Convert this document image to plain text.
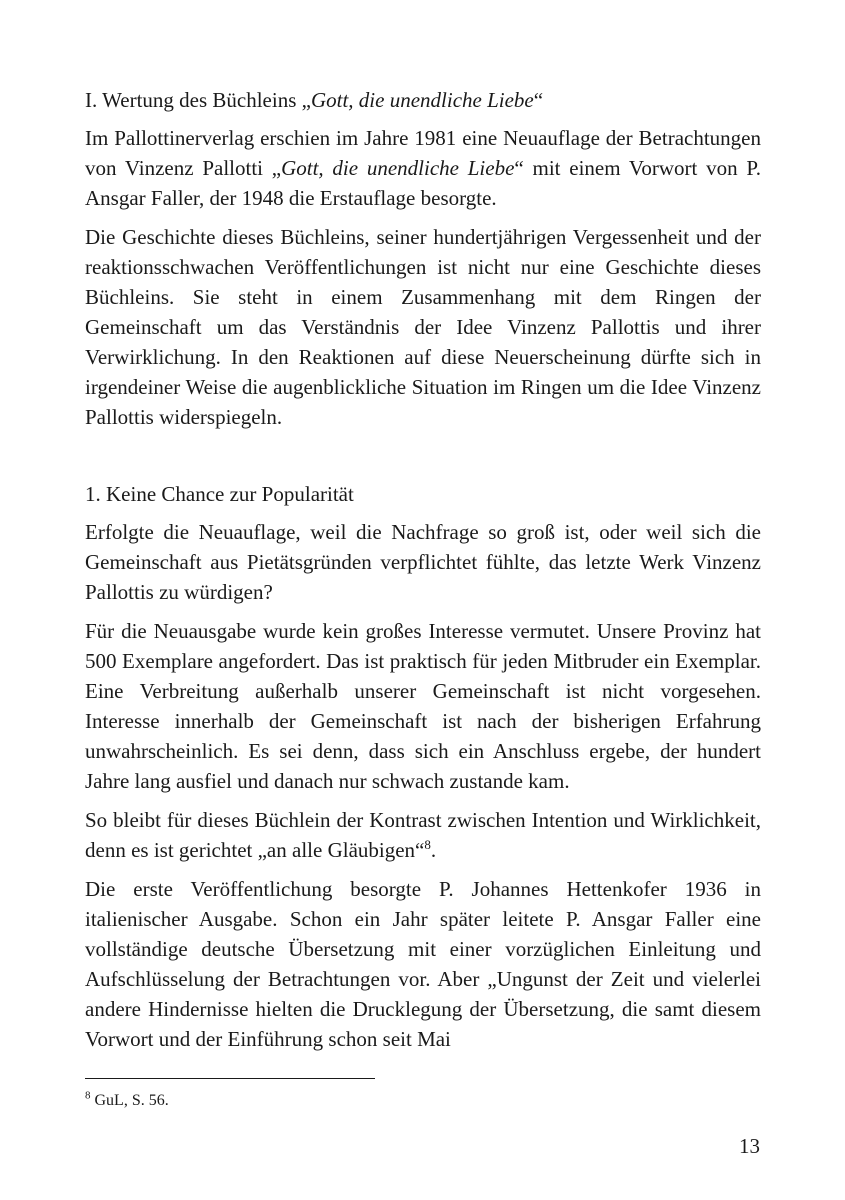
I. Wertung des Büchleins „Gott, die unendliche Liebe“

Im Pallottinerverlag erschien im Jahre 1981 eine Neuauflage der Betrachtungen von Vinzenz Pallotti „Gott, die unendliche Liebe“ mit einem Vorwort von P. Ansgar Faller, der 1948 die Erstauflage besorgte.

Die Geschichte dieses Büchleins, seiner hundertjährigen Vergessenheit und der reaktionsschwachen Veröffentlichungen ist nicht nur eine Geschichte dieses Büchleins. Sie steht in einem Zusammenhang mit dem Ringen der Gemeinschaft um das Verständnis der Idee Vinzenz Pallottis und ihrer Verwirklichung. In den Reaktionen auf diese Neuerscheinung dürfte sich in irgendeiner Weise die augenblickliche Situation im Ringen um die Idee Vinzenz Pallottis widerspiegeln.

1. Keine Chance zur Popularität

Erfolgte die Neuauflage, weil die Nachfrage so groß ist, oder weil sich die Gemeinschaft aus Pietätsgründen verpflichtet fühlte, das letzte Werk Vinzenz Pallottis zu würdigen?

Für die Neuausgabe wurde kein großes Interesse vermutet. Unsere Provinz hat 500 Exemplare angefordert. Das ist praktisch für jeden Mitbruder ein Exemplar. Eine Verbreitung außerhalb unserer Gemeinschaft ist nicht vorgesehen. Interesse innerhalb der Gemeinschaft ist nach der bisherigen Erfahrung unwahrscheinlich. Es sei denn, dass sich ein Anschluss ergebe, der hundert Jahre lang ausfiel und danach nur schwach zustande kam.

So bleibt für dieses Büchlein der Kontrast zwischen Intention und Wirklichkeit, denn es ist gerichtet „an alle Gläubigen“$^8$.

Die erste Veröffentlichung besorgte P. Johannes Hettenkofer 1936 in italienischer Ausgabe. Schon ein Jahr später leitete P. Ansgar Faller eine vollständige deutsche Übersetzung mit einer vorzüglichen Einleitung und Aufschlüsselung der Betrachtungen vor. Aber „Ungunst der Zeit und vielerlei andere Hindernisse hielten die Drucklegung der Übersetzung, die samt diesem Vorwort und der Einführung schon seit Mai

$^8$ GuL, S. 56.
13
